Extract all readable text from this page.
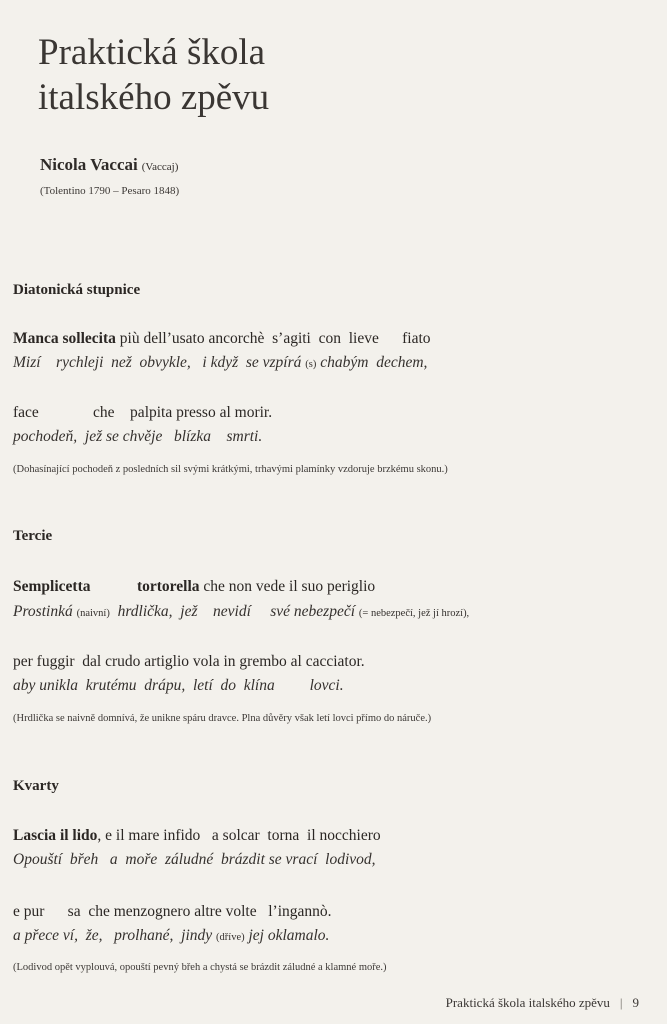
Praktická škola
italského zpěvu
Nicola Vaccai (Vaccaj)
(Tolentino 1790 – Pesaro 1848)
Diatonická stupnice
Manca sollecita più dell’usato ancorchè  s’agiti  con  lieve      fiato
Mizí    rychleji  než  obvykle,   i když  se vzpírá (s) chabým  dechem,
face              che    palpita presso al morir.
pochodeň,  jež se chvěje   blízka    smrti.
(Dohasínající pochodeň z posledních sil svými krátkými, trhavými plamínky vzdoruje brzkému skonu.)
Tercie
Semplicetta	tortorella che non vede il suo periglio
Prostinká (naivní)  hrdlička,  jež    nevidí     své nebezpečí (= nebezpečí, jež jí hrozí),
per fuggir  dal crudo artiglio vola in grembo al cacciator.
aby unikla  krutému  drápu,  letí  do  klína         lovci.
(Hrdlička se naivně domnívá, že unikne spáru dravce. Plna důvěry však letí lovci přímo do náruče.)
Kvarty
Lascia il lido, e il mare infido   a solcar  torna  il nocchiero
Opouští  břeh   a  moře  záludné  brázdit se vrací  lodivod,
e pur      sa  che menzognero altre volte   l’ingannò.
a přece ví,  že,   prolhané,  jindy (dříve) jej oklamalo.
(Lodivod opět vyplouvá, opouští pevný břeh a chystá se brázdit záludné a klamné moře.)
Praktická škola italského zpěvu | 9
